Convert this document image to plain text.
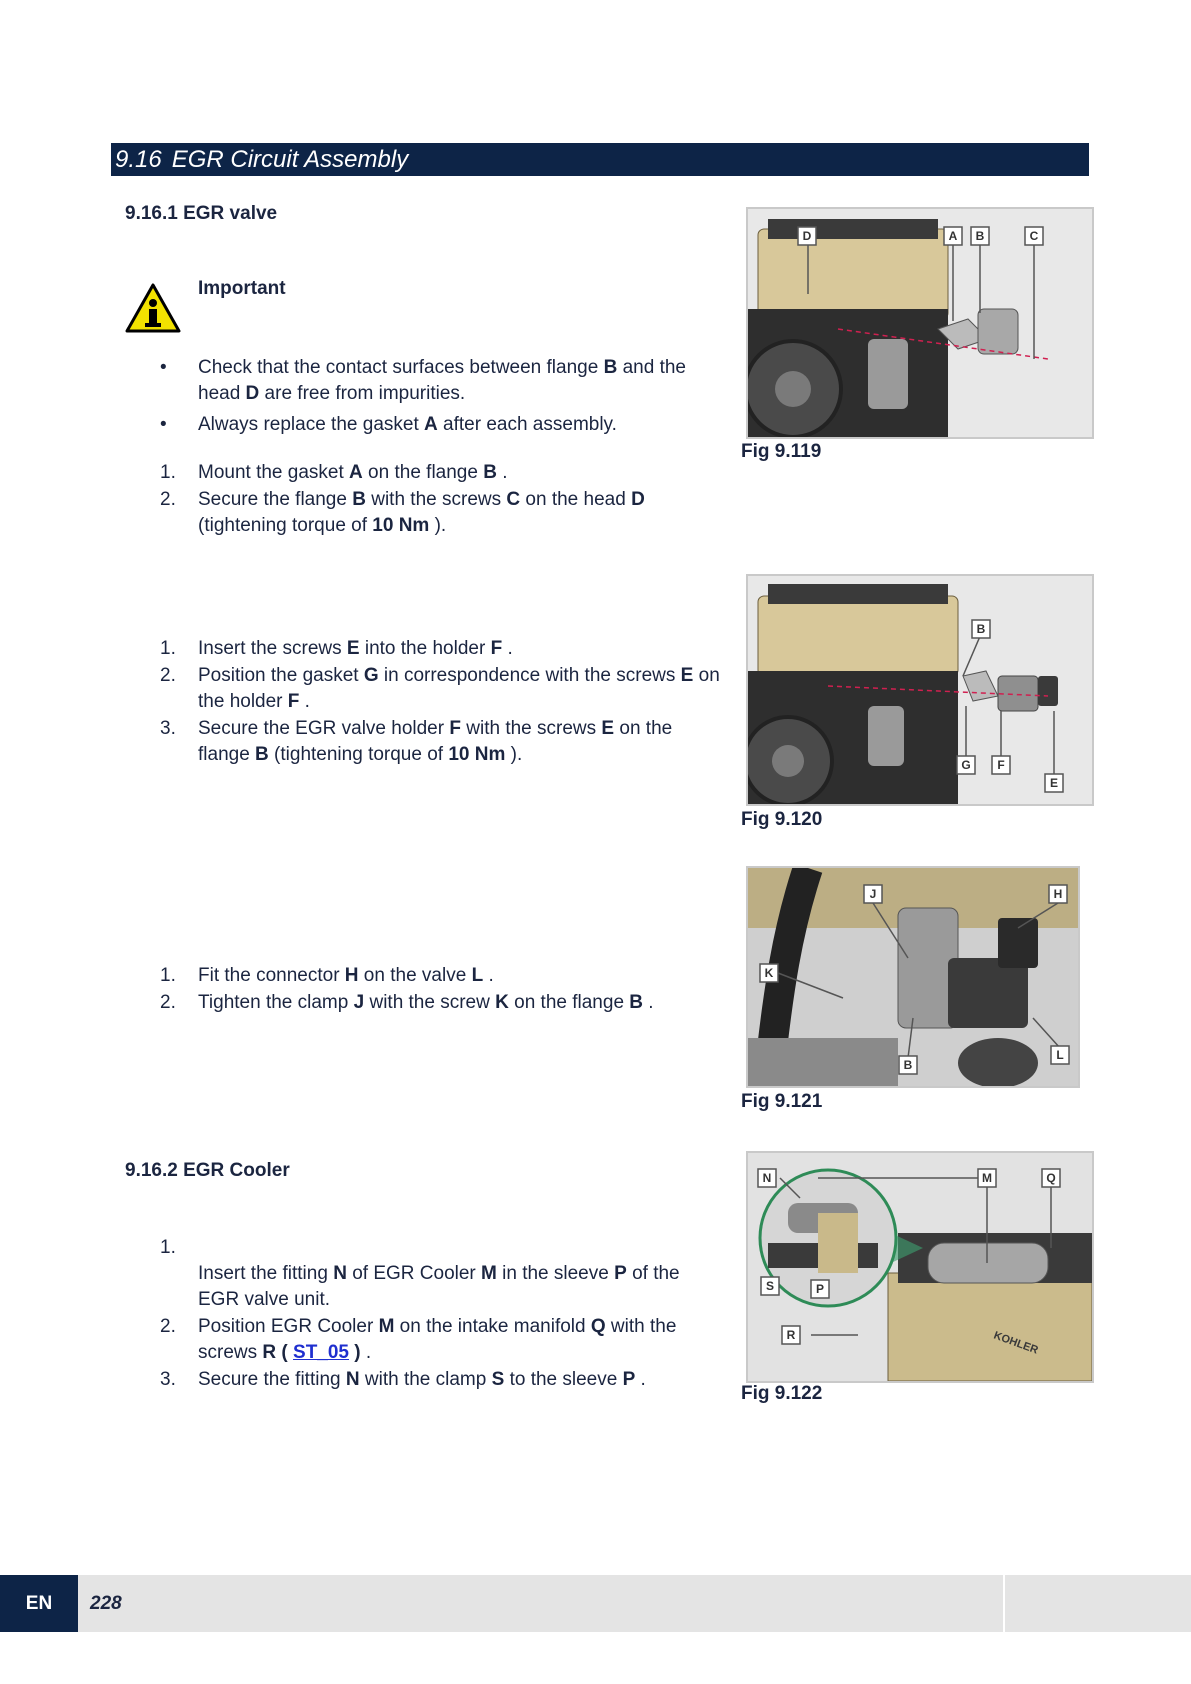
9.16 EGR Circuit Assembly
9.16.1 EGR valve
Important
• Check that the contact surfaces between flange B and the head D are free from impurities.
• Always replace the gasket A after each assembly.
1.	Mount the gasket A on the flange B .
2.	Secure the flange B with the screws C on the head D (tightening torque of 10 Nm ).
1.	Insert the screws E into the holder F .
2.	Position the gasket G in correspondence with the screws E on the holder F .
3.	Secure the EGR valve holder F with the screws E on the flange B (tightening torque of 10 Nm ).
1.	Fit the connector H on the valve L .
2.	Tighten the clamp J with the screw K on the flange B .
9.16.2 EGR Cooler
1.
Insert the fitting N of EGR Cooler M in the sleeve P of the EGR valve unit.
2.	Position EGR Cooler M on the intake manifold Q with the screws R ( ST_05 ) .
3.	Secure the fitting N with the clamp S to the sleeve P .
D	A B	C
Fig 9.119
B
G F
E
Fig 9.120
J	H
K
B
L
Fig 9.121
KOHLER
N	M	Q
S	P
R
Fig 9.122
EN	228
